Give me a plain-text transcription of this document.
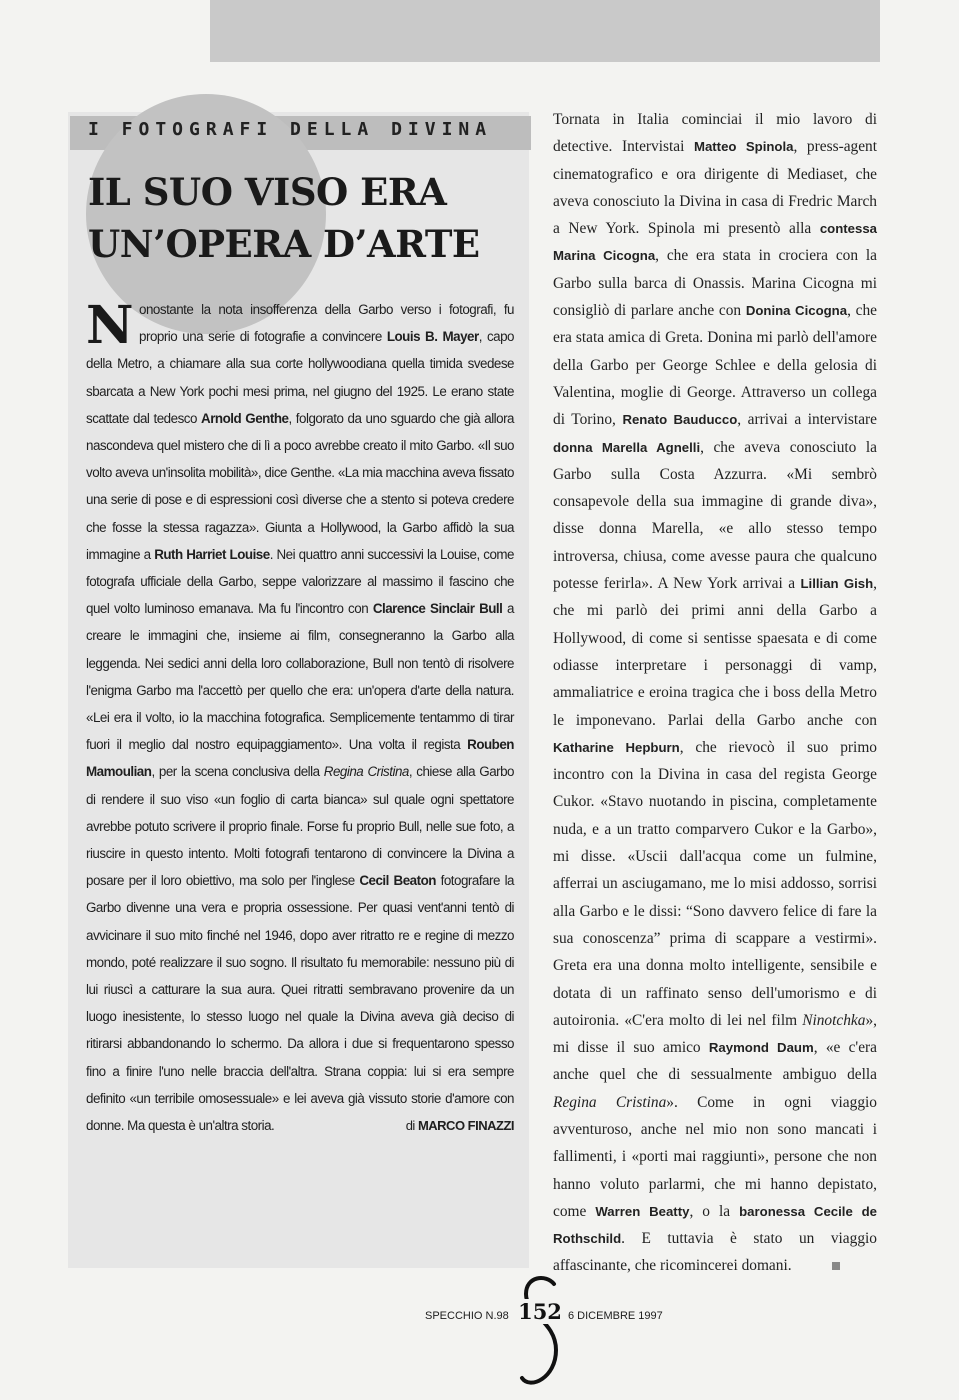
I FOTOGRAFI DELLA DIVINA

IL SUO VISO ERA
UN’OPERA D’ARTE

Nonostante la nota insofferenza della Garbo verso i fotografi, fu proprio una serie di fotografie a convincere Louis B. Mayer, capo della Metro, a chiamare alla sua corte hollywoodiana quella timida svedese sbarcata a New York pochi mesi prima, nel giugno del 1925. Le erano state scattate dal tedesco Arnold Genthe, folgorato da uno sguardo che già allora nascondeva quel mistero che di lì a poco avrebbe creato il mito Garbo. «Il suo volto aveva un'insolita mobilità», dice Genthe. «La mia macchina aveva fissato una serie di pose e di espressioni così diverse che a stento si poteva credere che fosse la stessa ragazza». Giunta a Hollywood, la Garbo affidò la sua immagine a Ruth Harriet Louise. Nei quattro anni successivi la Louise, come fotografa ufficiale della Garbo, seppe valorizzare al massimo il fascino che quel volto luminoso emanava. Ma fu l'incontro con Clarence Sinclair Bull a creare le immagini che, insieme ai film, consegneranno la Garbo alla leggenda. Nei sedici anni della loro collaborazione, Bull non tentò di risolvere l'enigma Garbo ma l'accettò per quello che era: un'opera d'arte della natura. «Lei era il volto, io la macchina fotografica. Semplicemente tentammo di tirar fuori il meglio dal nostro equipaggiamento». Una volta il regista Rouben Mamoulian, per la scena conclusiva della Regina Cristina, chiese alla Garbo di rendere il suo viso «un foglio di carta bianca» sul quale ogni spettatore avrebbe potuto scrivere il proprio finale. Forse fu proprio Bull, nelle sue foto, a riuscire in questo intento. Molti fotografi tentarono di convincere la Divina a posare per il loro obiettivo, ma solo per l'inglese Cecil Beaton fotografare la Garbo divenne una vera e propria ossessione. Per quasi vent'anni tentò di avvicinare il suo mito finché nel 1946, dopo aver ritratto re e regine di mezzo mondo, poté realizzare il suo sogno. Il risultato fu memorabile: nessuno più di lui riuscì a catturare la sua aura. Quei ritratti sembravano provenire da un luogo inesistente, lo stesso luogo nel quale la Divina aveva già deciso di ritirarsi abbandonando lo schermo. Da allora i due si frequentarono spesso fino a finire l'uno nelle braccia dell'altra. Strana coppia: lui si era sempre definito «un terribile omosessuale» e lei aveva già vissuto storie d'amore con donne. Ma questa è un'altra storia.	di MARCO FINAZZI

Tornata in Italia cominciai il mio lavoro di detective. Intervistai Matteo Spinola, press-agent cinematografico e ora dirigente di Mediaset, che aveva conosciuto la Divina in casa di Fredric March a New York. Spinola mi presentò alla contessa Marina Cicogna, che era stata in crociera con la Garbo sulla barca di Onassis. Marina Cicogna mi consigliò di parlare anche con Donina Cicogna, che era stata amica di Greta. Donina mi parlò dell'amore della Garbo per George Schlee e della gelosia di Valentina, moglie di George. Attraverso un collega di Torino, Renato Bauducco, arrivai a intervistare donna Marella Agnelli, che aveva conosciuto la Garbo sulla Costa Azzurra. «Mi sembrò consapevole della sua immagine di grande diva», disse donna Marella, «e allo stesso tempo introversa, chiusa, come avesse paura che qualcuno potesse ferirla». A New York arrivai a Lillian Gish, che mi parlò dei primi anni della Garbo a Hollywood, di come si sentisse spaesata e di come odiasse interpretare i personaggi di vamp, ammaliatrice e eroina tragica che i boss della Metro le imponevano. Parlai della Garbo anche con Katharine Hepburn, che rievocò il suo primo incontro con la Divina in casa del regista George Cukor. «Stavo nuotando in piscina, completamente nuda, e a un tratto comparvero Cukor e la Garbo», mi disse. «Uscii dall'acqua come un fulmine, afferrai un asciugamano, me lo misi addosso, sorrisi alla Garbo e le dissi: “Sono davvero felice di fare la sua conoscenza” prima di scappare a vestirmi». Greta era una donna molto intelligente, sensibile e dotata di un raffinato senso dell'umorismo e di autoironia. «C'era molto di lei nel film Ninotchka», mi disse il suo amico Raymond Daum, «e c'era anche quel che di sessualmente ambiguo della Regina Cristina». Come in ogni viaggio avventuroso, anche nel mio non sono mancati i fallimenti, i «porti mai raggiunti», persone che non hanno voluto parlarmi, che mi hanno depistato, come Warren Beatty, o la baronessa Cecile de Rothschild. E tuttavia è stato un viaggio affascinante, che ricomincerei domani.

152
SPECCHIO N.98	6 DICEMBRE 1997
